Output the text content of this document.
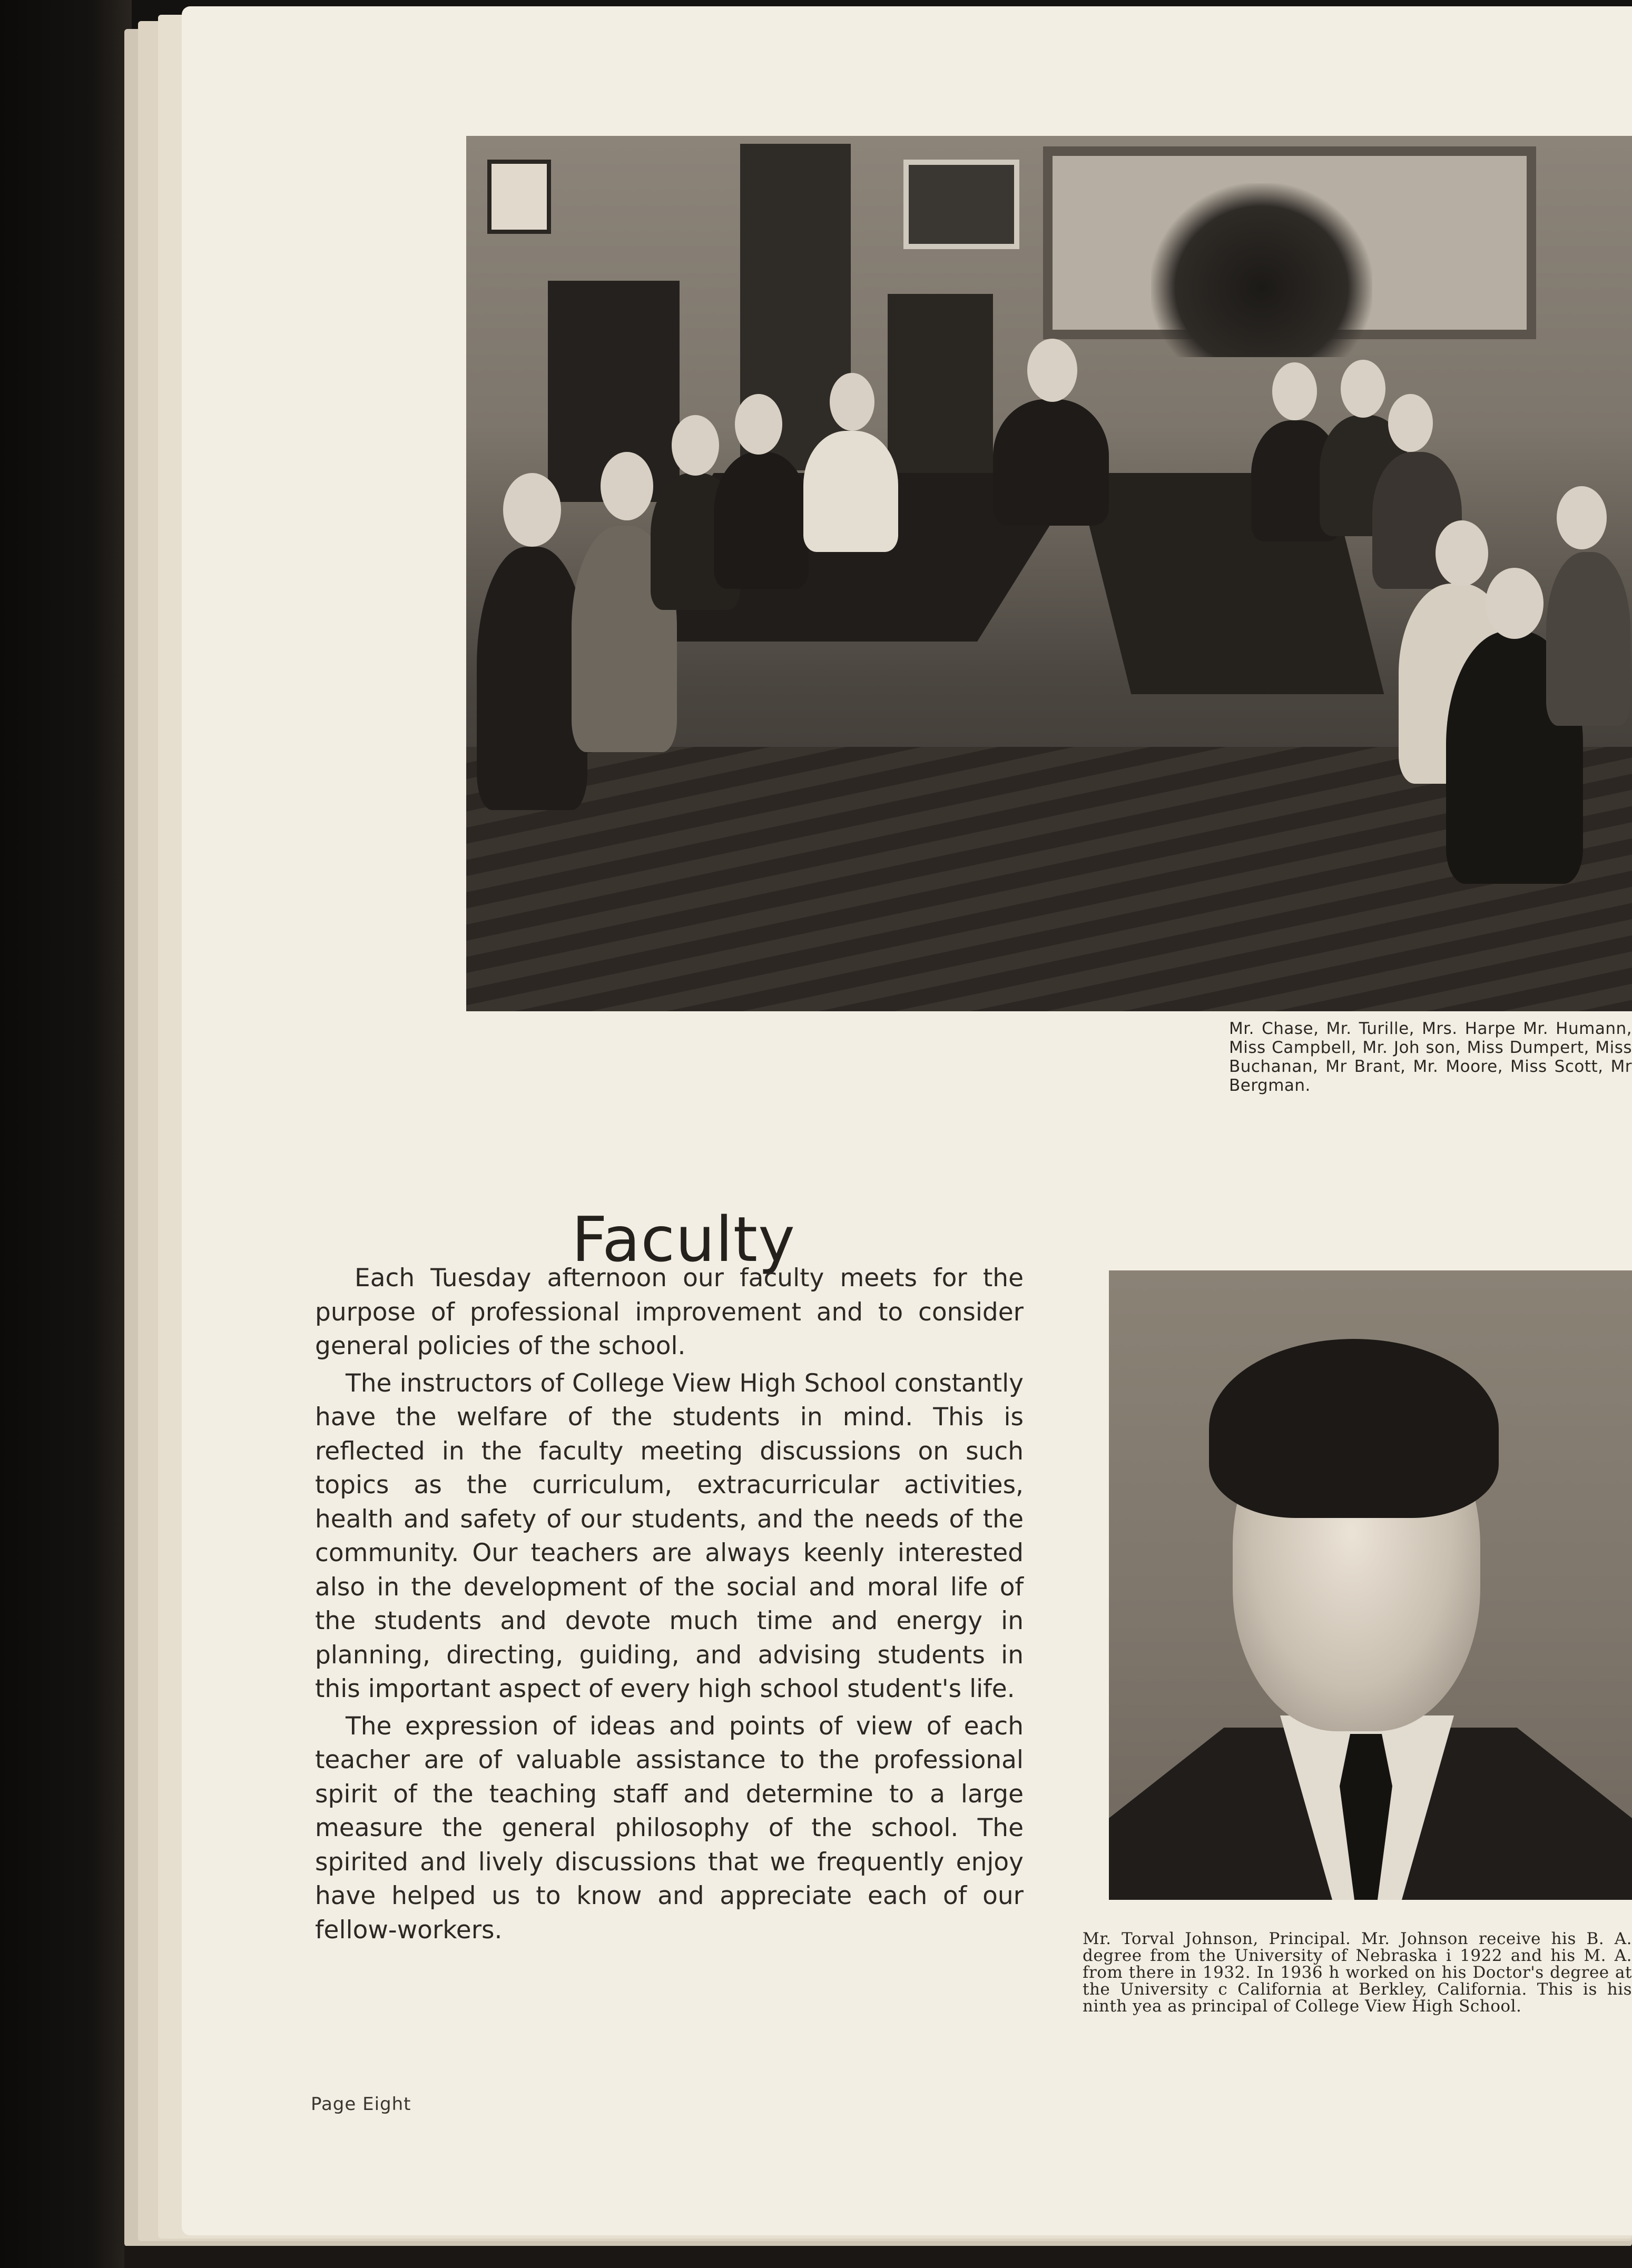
Mr. Chase, Mr. Turille, Mrs. Harpe Mr. Humann, Miss Campbell, Mr. Joh son, Miss Dumpert, Miss Buchanan, Mr Brant, Mr. Moore, Miss Scott, Mr Bergman.
Faculty

Each Tuesday afternoon our faculty meets for the purpose of professional improvement and to consider general policies of the school.

The instructors of College View High School constantly have the welfare of the students in mind. This is reflected in the faculty meeting discussions on such topics as the curriculum, extracurricular activities, health and safety of our students, and the needs of the community. Our teachers are always keenly interested also in the development of the social and moral life of the students and devote much time and energy in planning, directing, guiding, and advising students in this important aspect of every high school student's life.

The expression of ideas and points of view of each teacher are of valuable assistance to the professional spirit of the teaching staff and determine to a large measure the general philosophy of the school. The spirited and lively discussions that we frequently enjoy have helped us to know and appreciate each of our fellow-workers.	Mr. Torval Johnson, Principal. Mr. Johnson receive his B. A. degree from the University of Nebraska i 1922 and his M. A. from there in 1932. In 1936 h worked on his Doctor's degree at the University c California at Berkley, California. This is his ninth yea as principal of College View High School.
Page Eight
